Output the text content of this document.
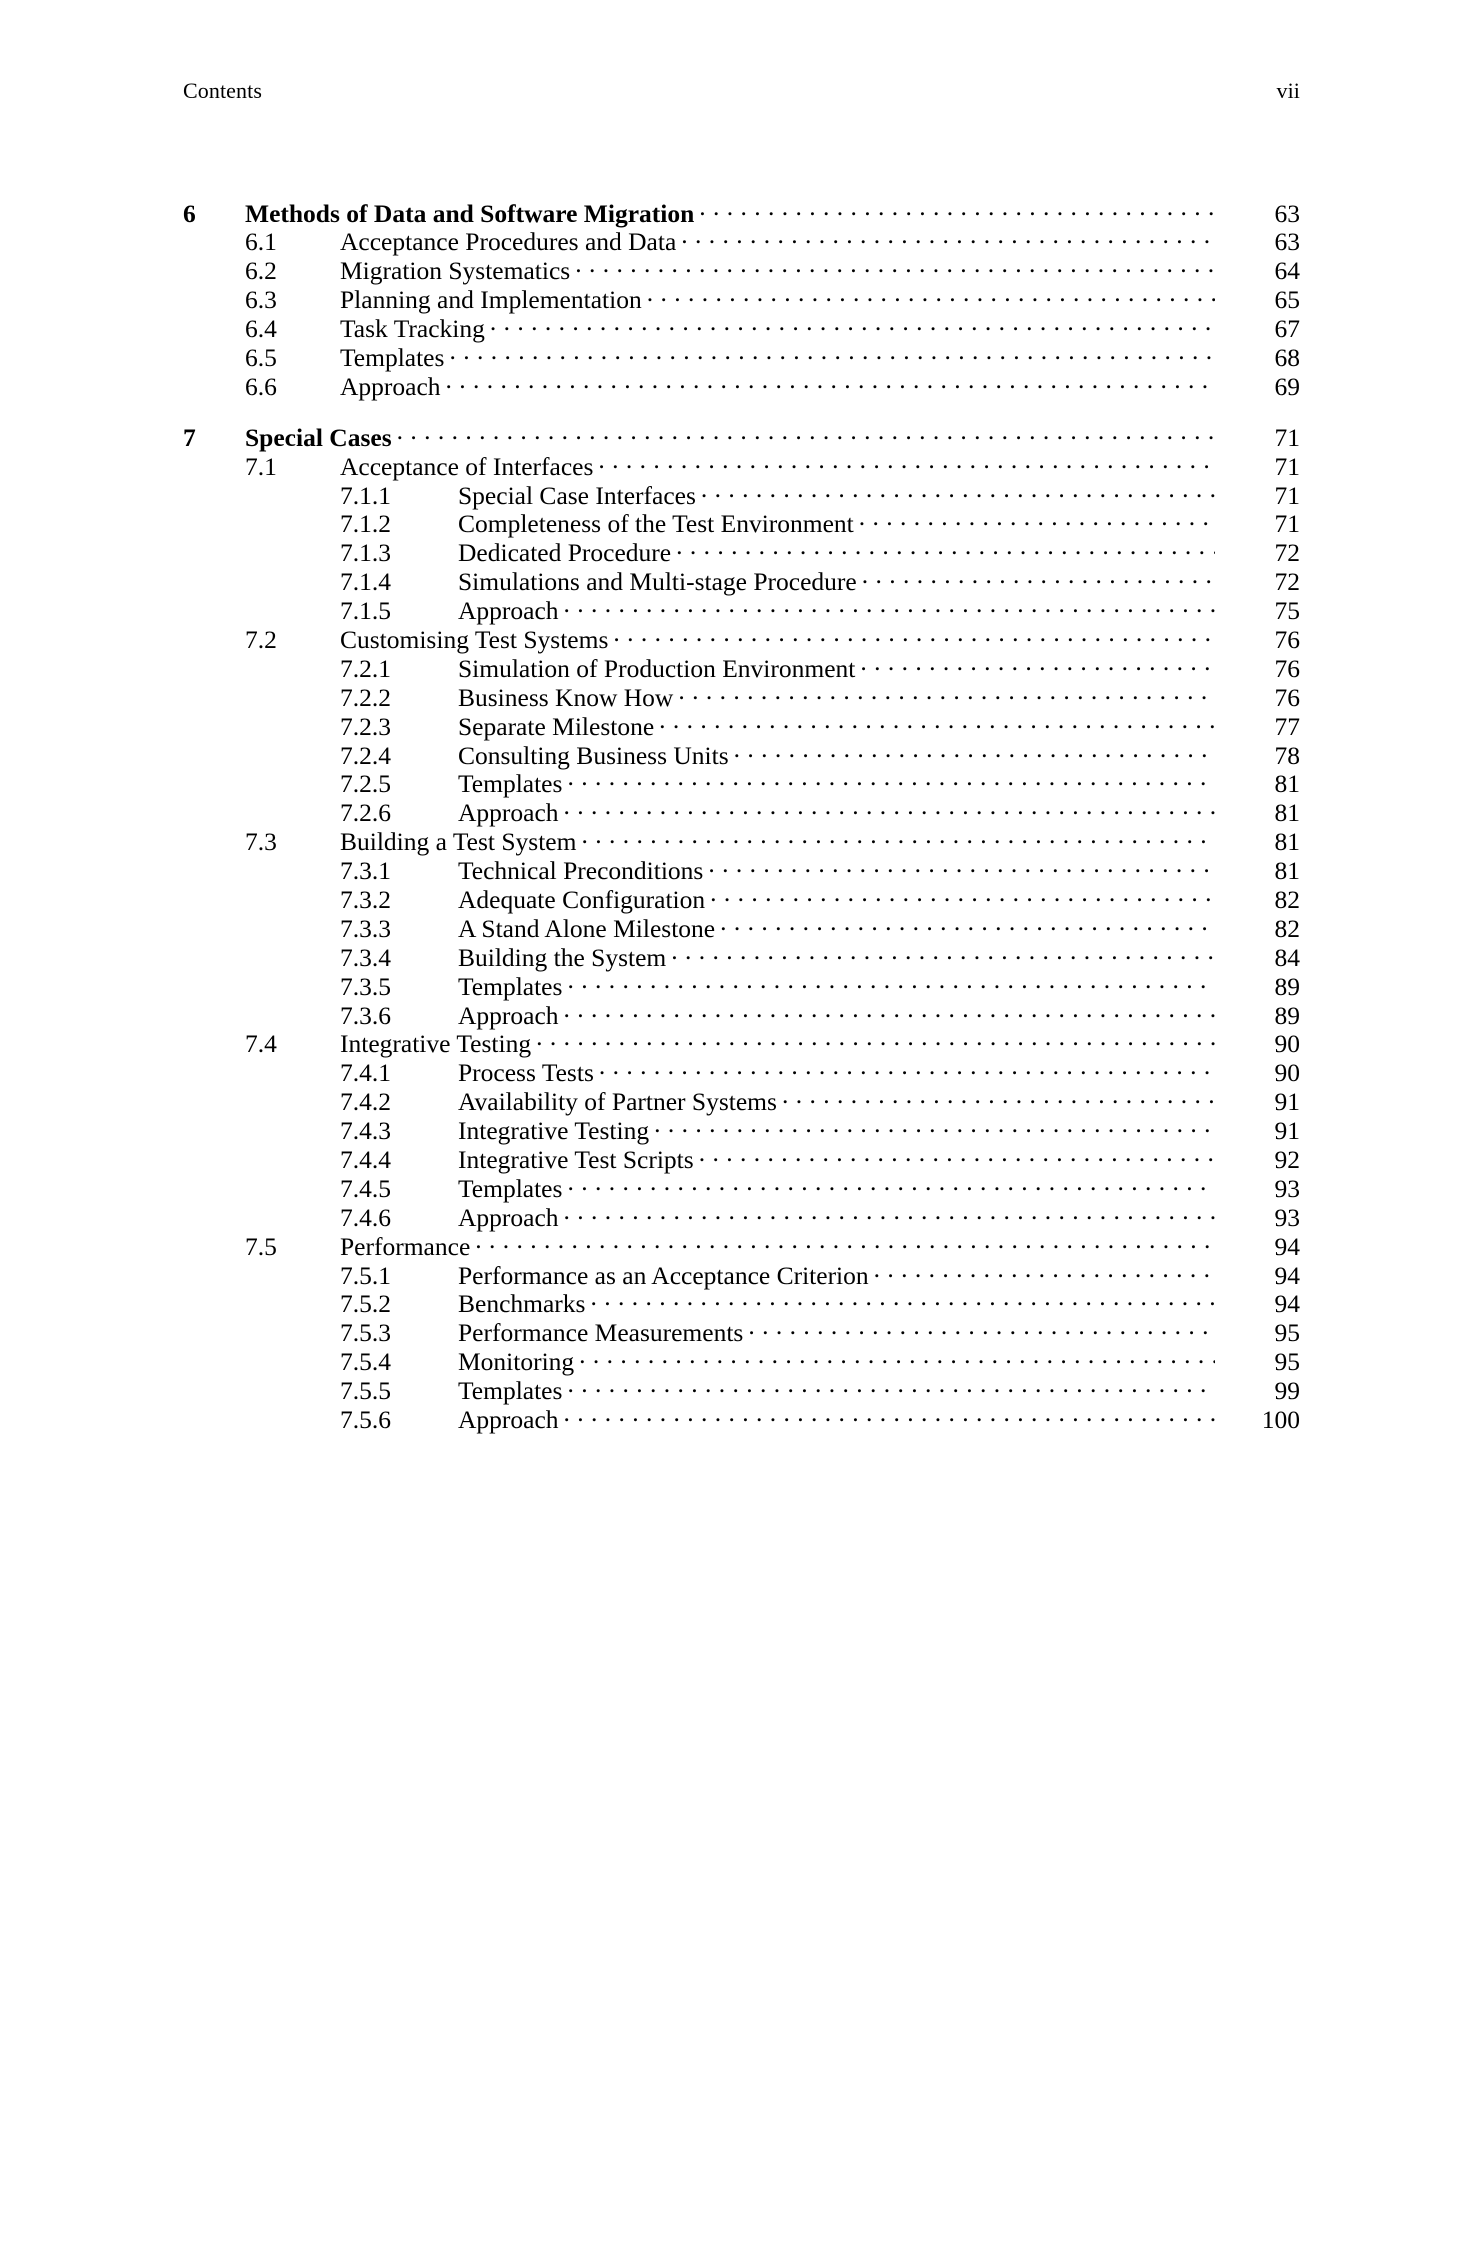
Contents	vii
6	Methods of Data and Software Migration . . .	63
6.1	Acceptance Procedures and Data . . .	63
6.2	Migration Systematics . . .	64
6.3	Planning and Implementation . . .	65
6.4	Task Tracking . . .	67
6.5	Templates . . .	68
6.6	Approach . . .	69
7	Special Cases . . .	71
7.1	Acceptance of Interfaces . . .	71
7.1.1	Special Case Interfaces . . .	71
7.1.2	Completeness of the Test Environment . . .	71
7.1.3	Dedicated Procedure . . .	72
7.1.4	Simulations and Multi-stage Procedure . . .	72
7.1.5	Approach . . .	75
7.2	Customising Test Systems . . .	76
7.2.1	Simulation of Production Environment . . .	76
7.2.2	Business Know How . . .	76
7.2.3	Separate Milestone . . .	77
7.2.4	Consulting Business Units . . .	78
7.2.5	Templates . . .	81
7.2.6	Approach . . .	81
7.3	Building a Test System . . .	81
7.3.1	Technical Preconditions . . .	81
7.3.2	Adequate Configuration . . .	82
7.3.3	A Stand Alone Milestone . . .	82
7.3.4	Building the System . . .	84
7.3.5	Templates . . .	89
7.3.6	Approach . . .	89
7.4	Integrative Testing . . .	90
7.4.1	Process Tests . . .	90
7.4.2	Availability of Partner Systems . . .	91
7.4.3	Integrative Testing . . .	91
7.4.4	Integrative Test Scripts . . .	92
7.4.5	Templates . . .	93
7.4.6	Approach . . .	93
7.5	Performance . . .	94
7.5.1	Performance as an Acceptance Criterion . . .	94
7.5.2	Benchmarks . . .	94
7.5.3	Performance Measurements . . .	95
7.5.4	Monitoring . . .	95
7.5.5	Templates . . .	99
7.5.6	Approach . . .	100
